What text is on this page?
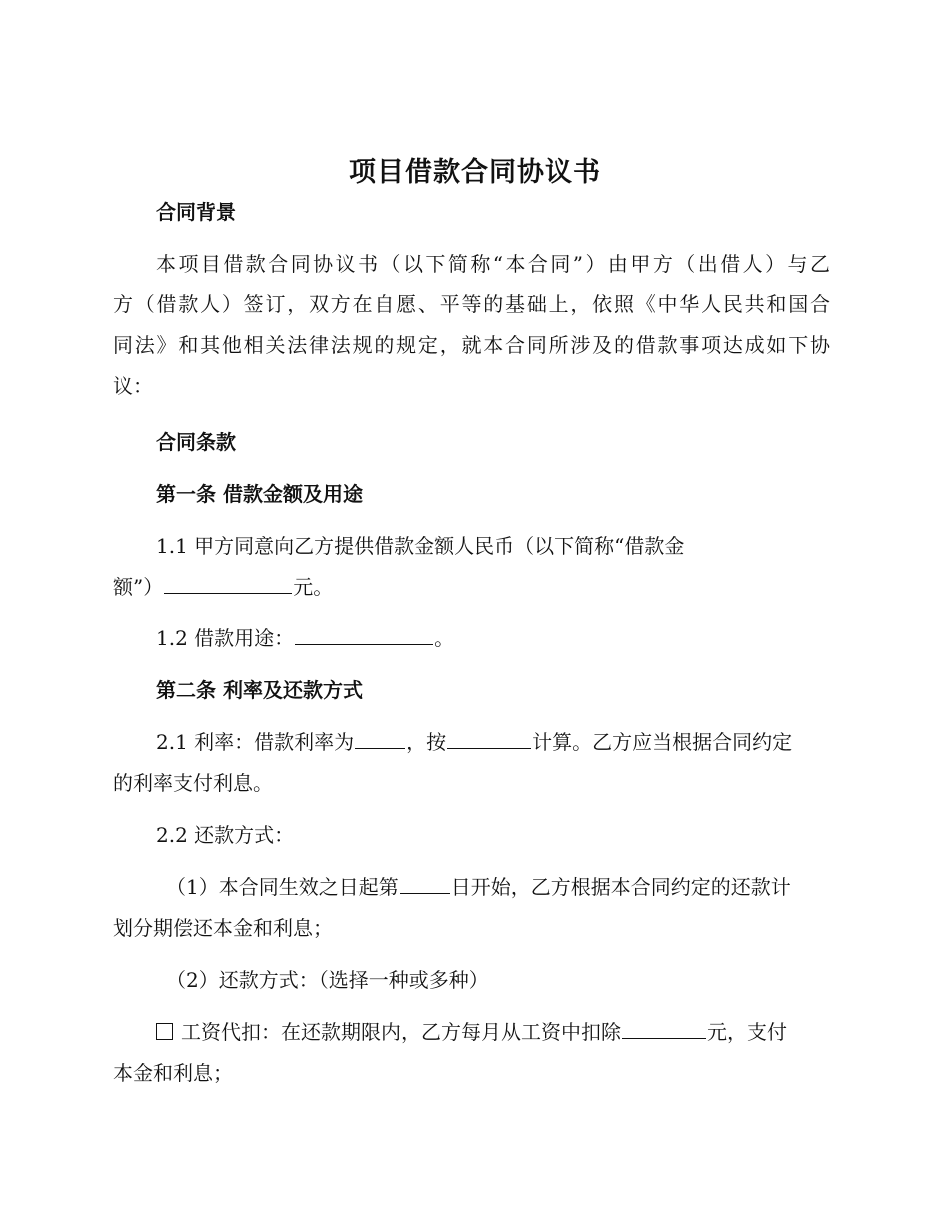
项目借款合同协议书
合同背景
本项目借款合同协议书（以下简称“本合同”）由甲方（出借人）与乙
方（借款人）签订，双方在自愿、平等的基础上，依照《中华人民共和国合
同法》和其他相关法律法规的规定，就本合同所涉及的借款事项达成如下协
议：
合同条款
第一条 借款金额及用途
1.1 甲方同意向乙方提供借款金额人民币（以下简称“借款金
额”）	元。
1.2 借款用途：	。
第二条 利率及还款方式
2.1 利率：借款利率为	，按	计算。乙方应当根据合同约定
的利率支付利息。
2.2 还款方式：
（1）本合同生效之日起第	日开始，乙方根据本合同约定的还款计
划分期偿还本金和利息；
（2）还款方式：（选择一种或多种）
工资代扣：在还款期限内，乙方每月从工资中扣除	元，支付
本金和利息；
